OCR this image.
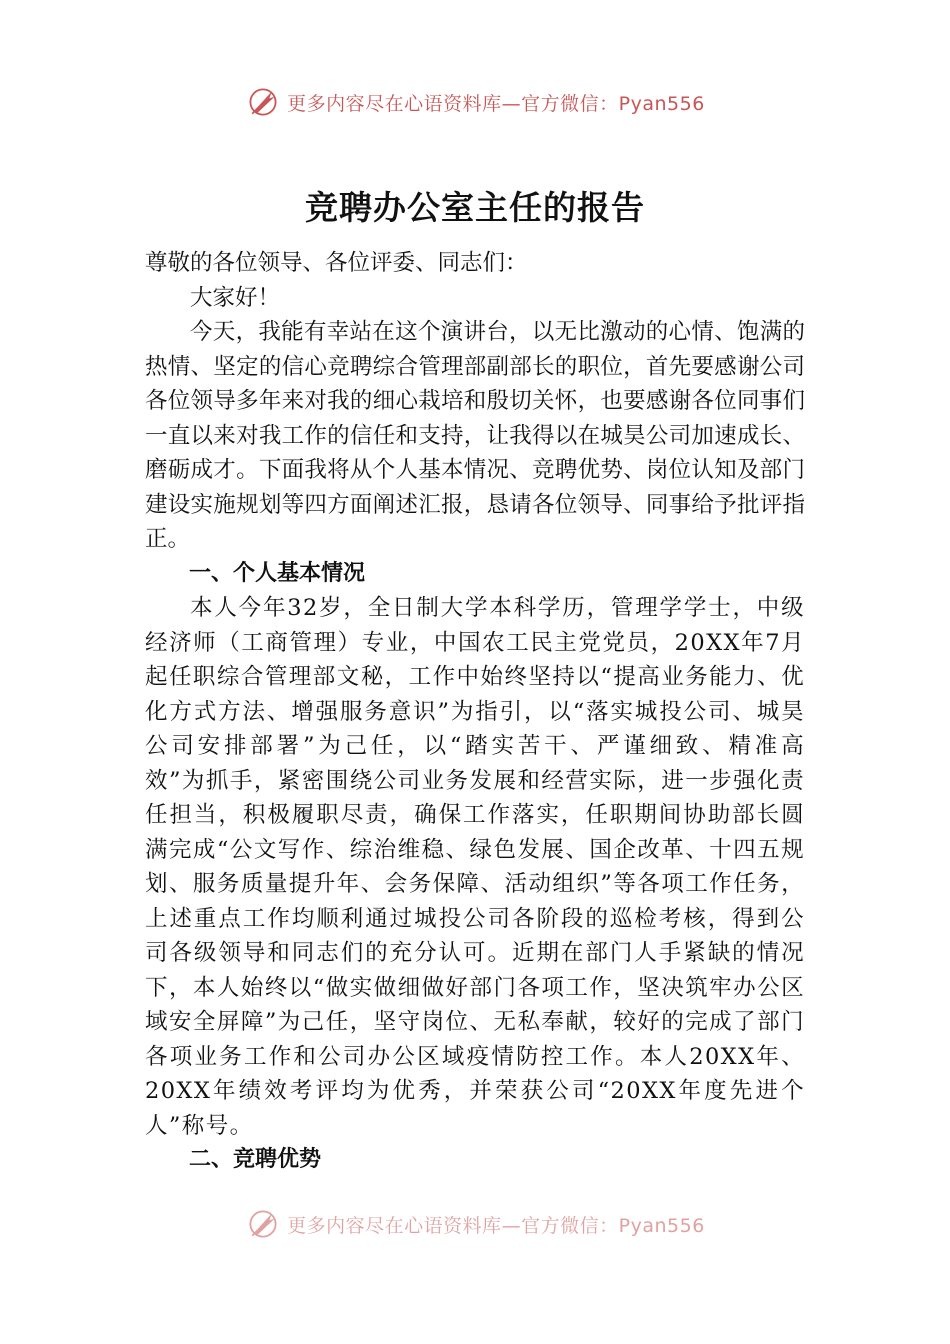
更多内容尽在心语资料库—官方微信：Pyan556
竞聘办公室主任的报告

尊敬的各位领导、各位评委、同志们：

大家好！

今天，我能有幸站在这个演讲台，以无比激动的心情、饱满的热情、坚定的信心竞聘综合管理部副部长的职位，首先要感谢公司各位领导多年来对我的细心栽培和殷切关怀，也要感谢各位同事们一直以来对我工作的信任和支持，让我得以在城昊公司加速成长、磨砺成才。下面我将从个人基本情况、竞聘优势、岗位认知及部门建设实施规划等四方面阐述汇报，恳请各位领导、同事给予批评指正。

一、个人基本情况

本人今年32岁，全日制大学本科学历，管理学学士，中级经济师（工商管理）专业，中国农工民主党党员，20XX年7月起任职综合管理部文秘，工作中始终坚持以“提高业务能力、优化方式方法、增强服务意识”为指引，以“落实城投公司、城昊公司安排部署”为己任，以“踏实苦干、严谨细致、精准高效”为抓手，紧密围绕公司业务发展和经营实际，进一步强化责任担当，积极履职尽责，确保工作落实，任职期间协助部长圆满完成“公文写作、综治维稳、绿色发展、国企改革、十四五规划、服务质量提升年、会务保障、活动组织”等各项工作任务，上述重点工作均顺利通过城投公司各阶段的巡检考核，得到公司各级领导和同志们的充分认可。近期在部门人手紧缺的情况下，本人始终以“做实做细做好部门各项工作，坚决筑牢办公区域安全屏障”为己任，坚守岗位、无私奉献，较好的完成了部门各项业务工作和公司办公区域疫情防控工作。本人20XX年、20XX年绩效考评均为优秀，并荣获公司“20XX年度先进个人”称号。

二、竞聘优势

更多内容尽在心语资料库—官方微信：Pyan556
